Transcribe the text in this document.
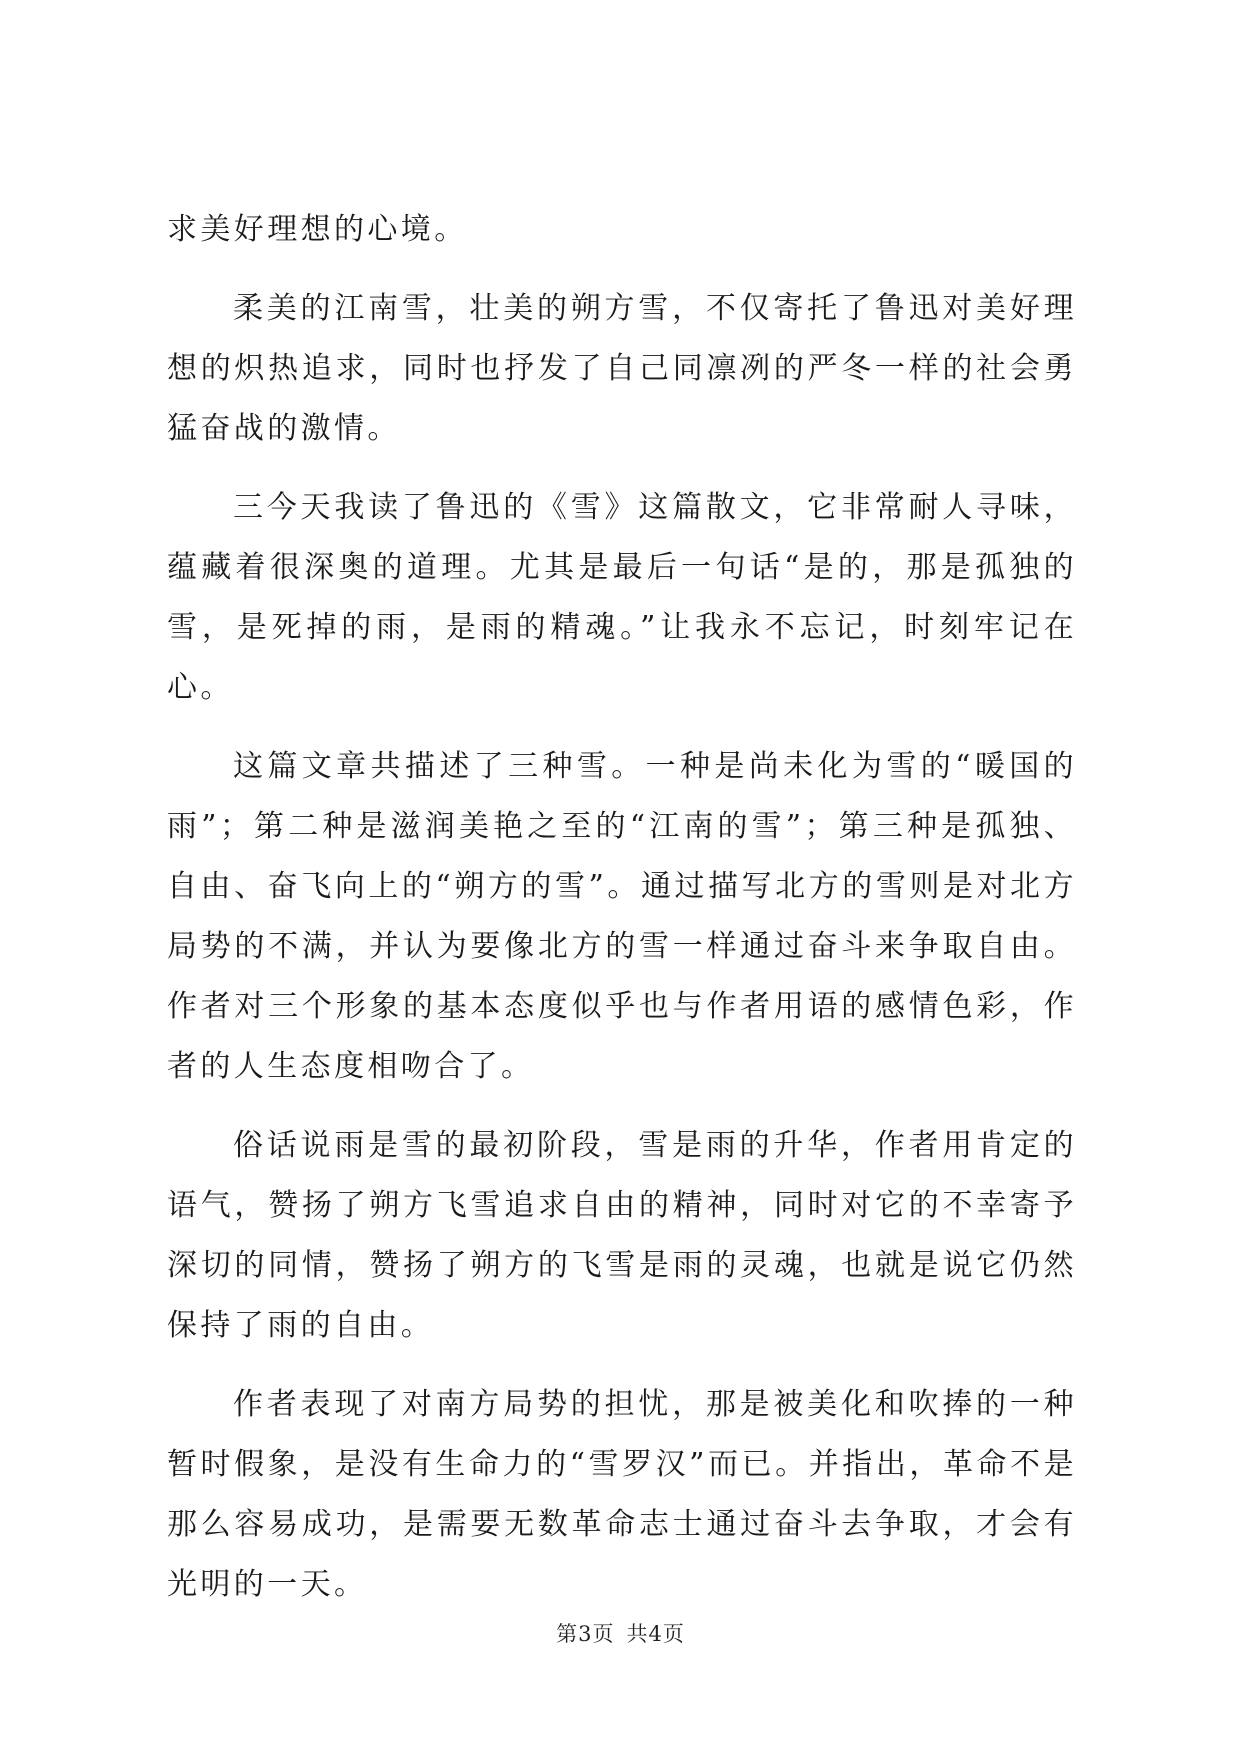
求美好理想的心境。

柔美的江南雪，壮美的朔方雪，不仅寄托了鲁迅对美好理想的炽热追求，同时也抒发了自己同凛冽的严冬一样的社会勇猛奋战的激情。

三今天我读了鲁迅的《雪》这篇散文，它非常耐人寻味，蕴藏着很深奥的道理。尤其是最后一句话“是的，那是孤独的雪，是死掉的雨，是雨的精魂。”让我永不忘记，时刻牢记在心。

这篇文章共描述了三种雪。一种是尚未化为雪的“暖国的雨”；第二种是滋润美艳之至的“江南的雪”；第三种是孤独、自由、奋飞向上的“朔方的雪”。通过描写北方的雪则是对北方局势的不满，并认为要像北方的雪一样通过奋斗来争取自由。作者对三个形象的基本态度似乎也与作者用语的感情色彩，作者的人生态度相吻合了。

俗话说雨是雪的最初阶段，雪是雨的升华，作者用肯定的语气，赞扬了朔方飞雪追求自由的精神，同时对它的不幸寄予深切的同情，赞扬了朔方的飞雪是雨的灵魂，也就是说它仍然保持了雨的自由。

作者表现了对南方局势的担忧，那是被美化和吹捧的一种暂时假象，是没有生命力的“雪罗汉”而已。并指出，革命不是那么容易成功，是需要无数革命志士通过奋斗去争取，才会有光明的一天。

第3页 共4页
